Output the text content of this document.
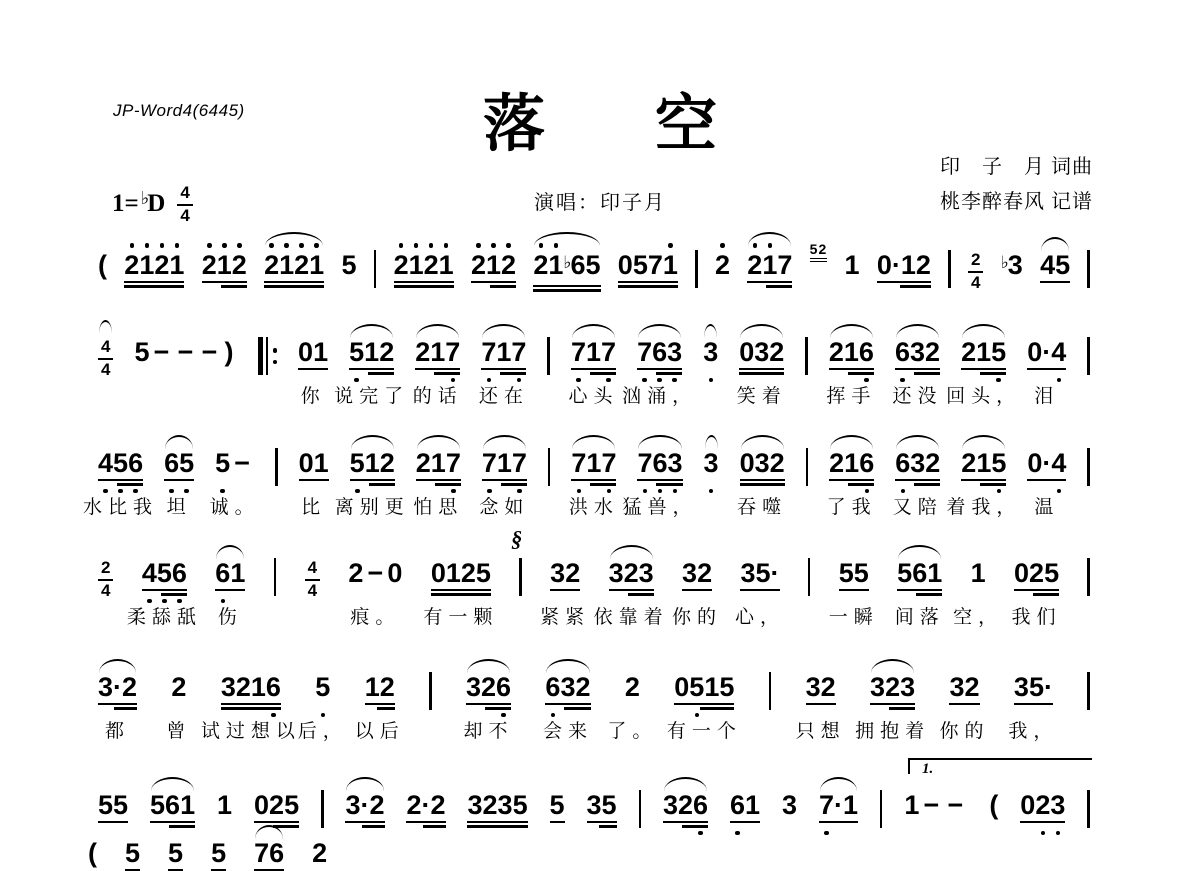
JP-Word4(6445)	落 空
演唱：印子月
印　子　月 词曲
桃李醉春风 记谱
$1= ^♭D \frac{4}{4}$
( 2 1 2 1 2 1 2 2 1 2 1 5 2 1 2 1 2 1 2 2 1 ♭6 5 0 5 7 1 2 2 1 7
52
1 0 · 1 $2 \frac{2}{4} ^♭3$ 4 5
$\frac{4}{4} 5$ − − − ) 0 1
你
5 1 2
说完了
2 1 7
的话
7 1 7
还在
7 1 7
心头
7 6 3
汹涌，
3 0 3 2
笑着
2 1 6
挥手
6 3 2
还没
2 1 5
回头，
0 · 4
泪
4 5 6
水比我
6 5
坦
5 −
诚。
0 1
比
5 1 2
离别更
2 1 7
怕思
7 1 7
念如
7 1 7
洪水
7 6 3
猛兽，
3 0 3 2
吞噬
2 1 6
了我
6 3 2
又陪
2 1 5
着我，
0 · 4
温
$\frac{2}{4} 4$ 5 6
柔舔舐
6 1
伤
$\frac{4}{4} 2 - 0$
痕。
0 1 2 5
有一颗
§
3 2
紧紧
3 2 3
依靠着
3 2
你的
3 5 ·
心，
5 5
一瞬
5 6 1
间落
1
空，
0 2 5
我们
3 · 2
都
2
曾
3 2 1 6
试过想以
5
后，
1 2
以后
3 2 6
却不
6 3 2
会来
2
了。
0 5 1 5
有一个
3 2
只想
3 2 3
拥抱着
3 2
你的
3 5 ·
我，
5 5 5 6 1 1 0 2 5 3 · 2 2 · 2 3 2 3 5 5 3 5 3 2 6 6 1 3 7 · 1 1 − − ( 0 2 3
( 5 5 5 7 6 2
1.
